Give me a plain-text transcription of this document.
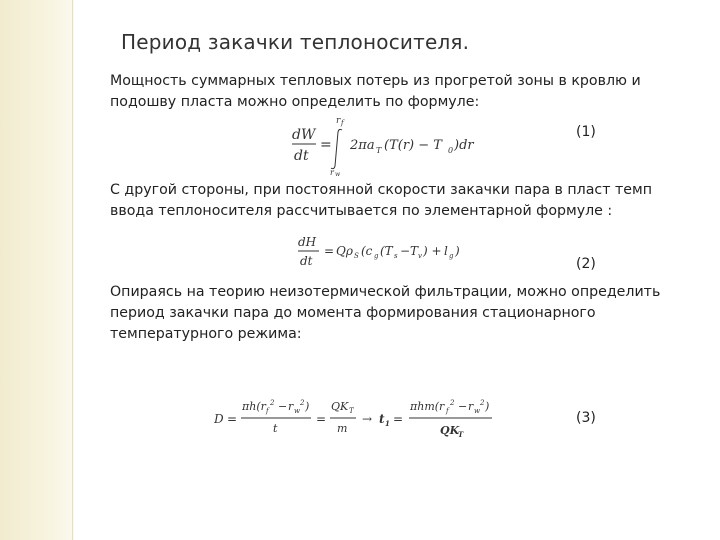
Период закачки теплоносителя.

Мощность суммарных тепловых потерь из прогретой зоны в кровлю и подошву пласта можно определить по формуле:

dW
dt
=
r f
r w
2πa T (T(r) − T 0 )dr
(1)

С другой стороны, при постоянной скорости закачки пара в пласт темп ввода теплоносителя рассчитывается по элементарной формуле :

dH
dt
= Qρ S (c g (T s − T v ) + l g )
(2)

Опираясь на теорию неизотермической фильтрации, можно определить период закачки пара до момента формирования стационарного температурного режима:

D =
πh(r f
2 − r w
2 )
t
=
QK T
m
→ t 1 =
πhm(r f
2 − r w
2 )
QK
T
(3)
